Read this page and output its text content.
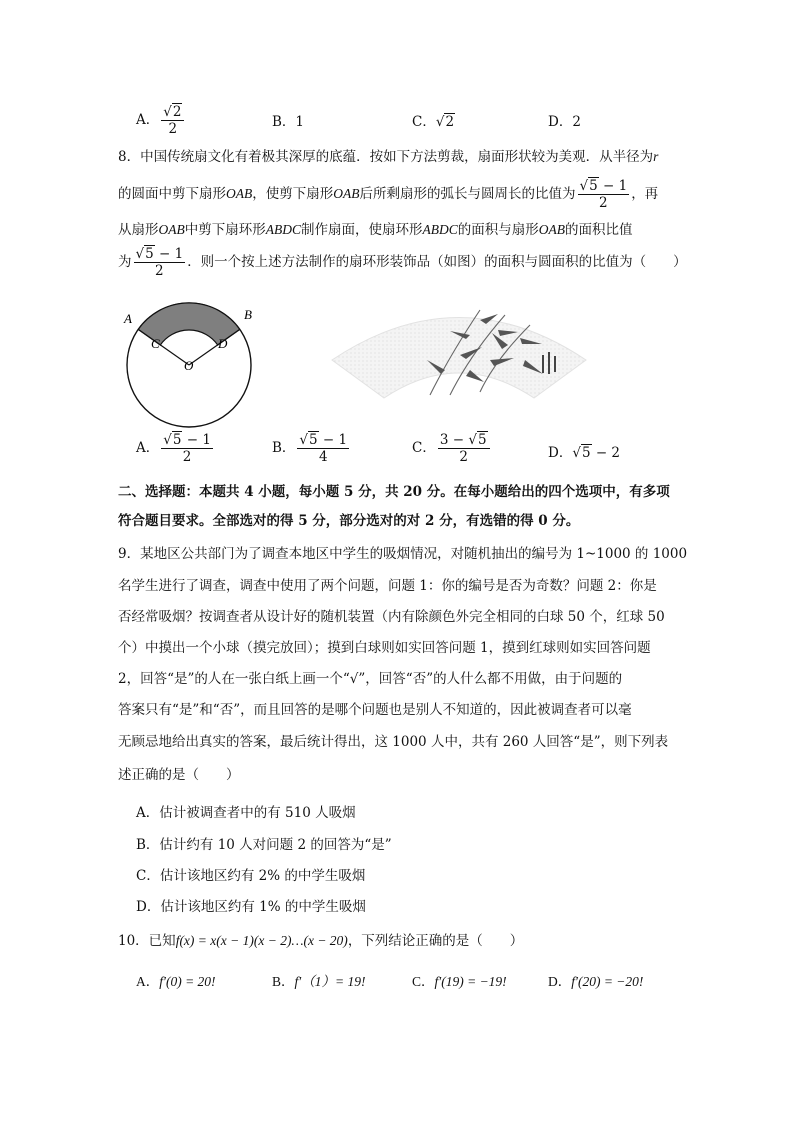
A． $\frac{√2}{2}$	B．1	C．√2	D．2
8．中国传统扇文化有着极其深厚的底蕴．按如下方法剪裁，扇面形状较为美观．从半径为r
的圆面中剪下扇形OAB，使剪下扇形OAB后所剩扇形的弧长与圆周长的比值为 $\frac{√5 - 1}{2}$ ，再
从扇形OAB中剪下扇环形ABDC制作扇面，使扇环形ABDC的面积与扇形OAB的面积比值
为 $\frac{√5 - 1}{2}$ ．则一个按上述方法制作的扇环形装饰品（如图）的面积与圆面积的比值为（　　）
A	B
C	D
O
A． $\frac{√5 - 1}{2}$	B． $\frac{√5 - 1}{4}$	C． $\frac{3 - √5}{2}$	D．√5 − 2
二、选择题：本题共 4 小题，每小题 5 分，共 20 分。在每小题给出的四个选项中，有多项
符合题目要求。全部选对的得 5 分，部分选对的对 2 分，有选错的得 0 分。
9．某地区公共部门为了调查本地区中学生的吸烟情况，对随机抽出的编号为 1~1000 的 1000
名学生进行了调查，调查中使用了两个问题，问题 1：你的编号是否为奇数？问题 2：你是
否经常吸烟？按调查者从设计好的随机装置（内有除颜色外完全相同的白球 50 个，红球 50
个）中摸出一个小球（摸完放回）；摸到白球则如实回答问题 1，摸到红球则如实回答问题
2，回答“是”的人在一张白纸上画一个“√”，回答“否”的人什么都不用做，由于问题的
答案只有“是”和“否”，而且回答的是哪个问题也是别人不知道的，因此被调查者可以毫
无顾忌地给出真实的答案，最后统计得出，这 1000 人中，共有 260 人回答“是”，则下列表
述正确的是（　　）
A．估计被调查者中的有 510 人吸烟
B．估计约有 10 人对问题 2 的回答为“是”
C．估计该地区约有 2% 的中学生吸烟
D．估计该地区约有 1% 的中学生吸烟
10．已知f(x) = x(x − 1)(x − 2)…(x − 20)，下列结论正确的是（　　）
A．f′(0) = 20!	B．f′（1）= 19!	C．f′(19) = −19!	D．f′(20) = −20!
